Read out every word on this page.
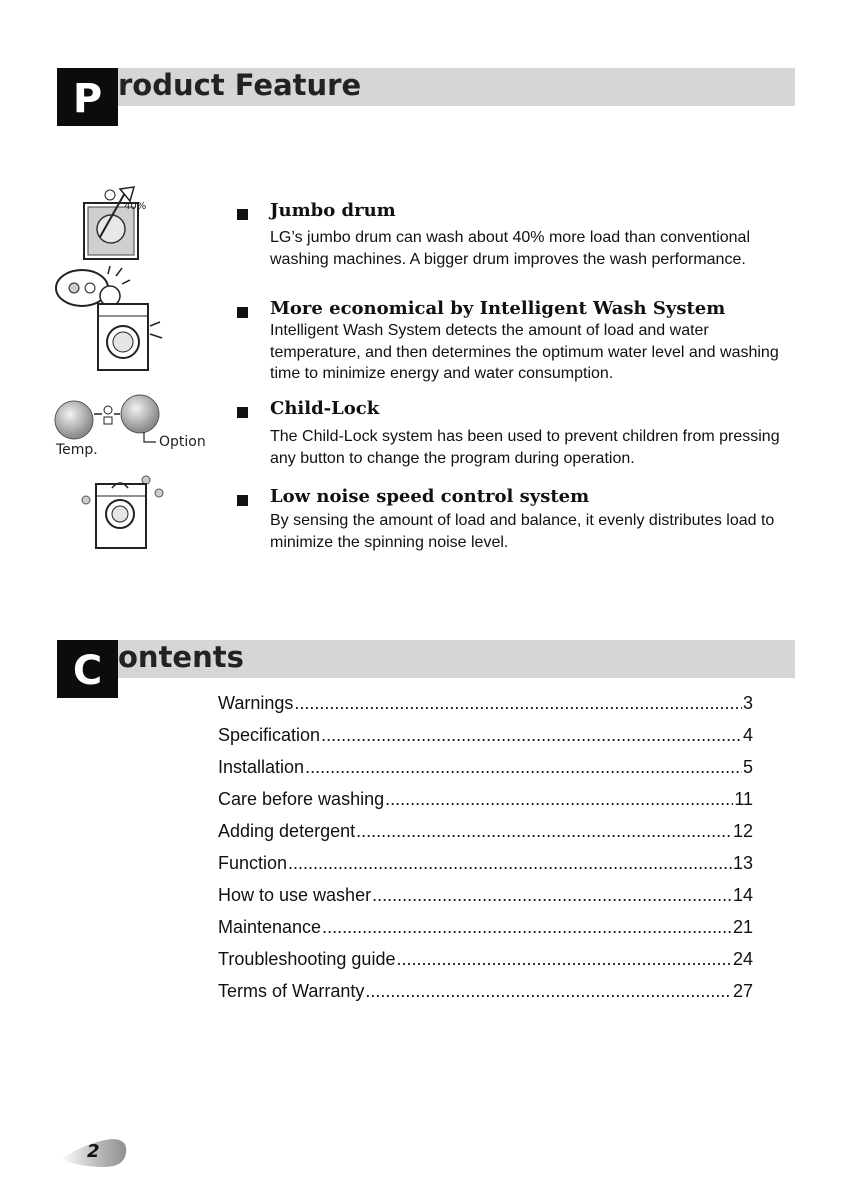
P roduct Feature
40%
Temp.	Option
Jumbo drum
LG’s jumbo drum can wash about 40% more load than conventional washing machines. A bigger drum improves the wash performance.
More economical by Intelligent Wash System
Intelligent Wash System detects the amount of load and water temperature, and then determines the optimum water level and washing time to minimize energy and water consumption.
Child-Lock
The Child-Lock system has been used to prevent children from pressing any button to change the program during operation.
Low noise speed control system
By sensing the amount of load and balance, it evenly distributes load to minimize the spinning noise level.
C ontents
Warnings .....	3
Specification .....	4
Installation .....	5
Care before washing .....	11
Adding detergent .....	12
Function .....	13
How to use washer .....	14
Maintenance .....	21
Troubleshooting guide .....	24
Terms of Warranty .....	27
2
